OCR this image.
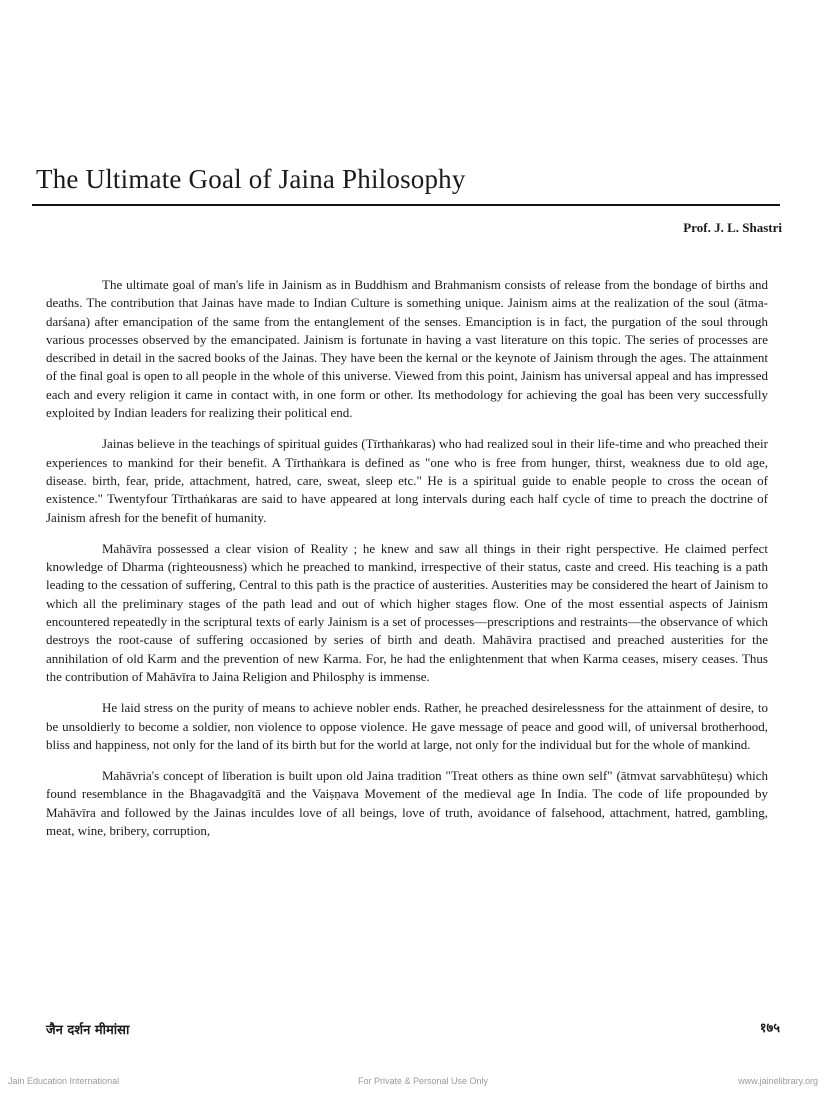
The Ultimate Goal of Jaina Philosophy
Prof. J. L. Shastri

The ultimate goal of man's life in Jainism as in Buddhism and Brahmanism consists of release from the bondage of births and deaths. The contribution that Jainas have made to Indian Culture is something unique. Jainism aims at the realization of the soul (ātma-darśana) after emancipation of the same from the entanglement of the senses. Emanciption is in fact, the purgation of the soul through various processes observed by the emancipated. Jainism is fortunate in having a vast literature on this topic. The series of processes are described in detail in the sacred books of the Jainas. They have been the kernal or the keynote of Jainism through the ages. The attainment of the final goal is open to all people in the whole of this universe. Viewed from this point, Jainism has universal appeal and has impressed each and every religion it came in contact with, in one form or other. Its methodology for achieving the goal has been very successfully exploited by Indian leaders for realizing their political end.

Jainas believe in the teachings of spiritual guides (Tīrthaṅkaras) who had realized soul in their life-time and who preached their experiences to mankind for their benefit. A Tīrthaṅkara is defined as "one who is free from hunger, thirst, weakness due to old age, disease. birth, fear, pride, attachment, hatred, care, sweat, sleep etc." He is a spiritual guide to enable people to cross the ocean of existence." Twentyfour Tīrthaṅkaras are said to have appeared at long intervals during each half cycle of time to preach the doctrine of Jainism afresh for the benefit of humanity.

Mahāvīra possessed a clear vision of Reality ; he knew and saw all things in their right perspective. He claimed perfect knowledge of Dharma (righteousness) which he preached to mankind, irrespective of their status, caste and creed. His teaching is a path leading to the cessation of suffering, Central to this path is the practice of austerities. Austerities may be considered the heart of Jainism to which all the preliminary stages of the path lead and out of which higher stages flow. One of the most essential aspects of Jainism encountered repeatedly in the scriptural texts of early Jainism is a set of processes—prescriptions and restraints—the observance of which destroys the root-cause of suffering occasioned by series of birth and death. Mahāvira practised and preached austerities for the annihilation of old Karm and the prevention of new Karma. For, he had the enlightenment that when Karma ceases, misery ceases. Thus the contribution of Mahāvīra to Jaina Religion and Philosphy is immense.

He laid stress on the purity of means to achieve nobler ends. Rather, he preached desirelessness for the attainment of desire, to be unsoldierly to become a soldier, non violence to oppose violence. He gave message of peace and good will, of universal brotherhood, bliss and happiness, not only for the land of its birth but for the world at large, not only for the individual but for the whole of mankind.

Mahāvria's concept of līberation is built upon old Jaina tradition "Treat others as thine own self" (ātmvat sarvabhūteṣu) which found resemblance in the Bhagavadgītā and the Vaiṣṇava Movement of the medieval age In India. The code of life propounded by Mahāvīra and followed by the Jainas inculdes love of all beings, love of truth, avoidance of falsehood, attachment, hatred, gambling, meat, wine, bribery, corruption,

जैन दर्शन मीमांसा	१७५
Jain Education International	For Private & Personal Use Only	www.jainelibrary.org
